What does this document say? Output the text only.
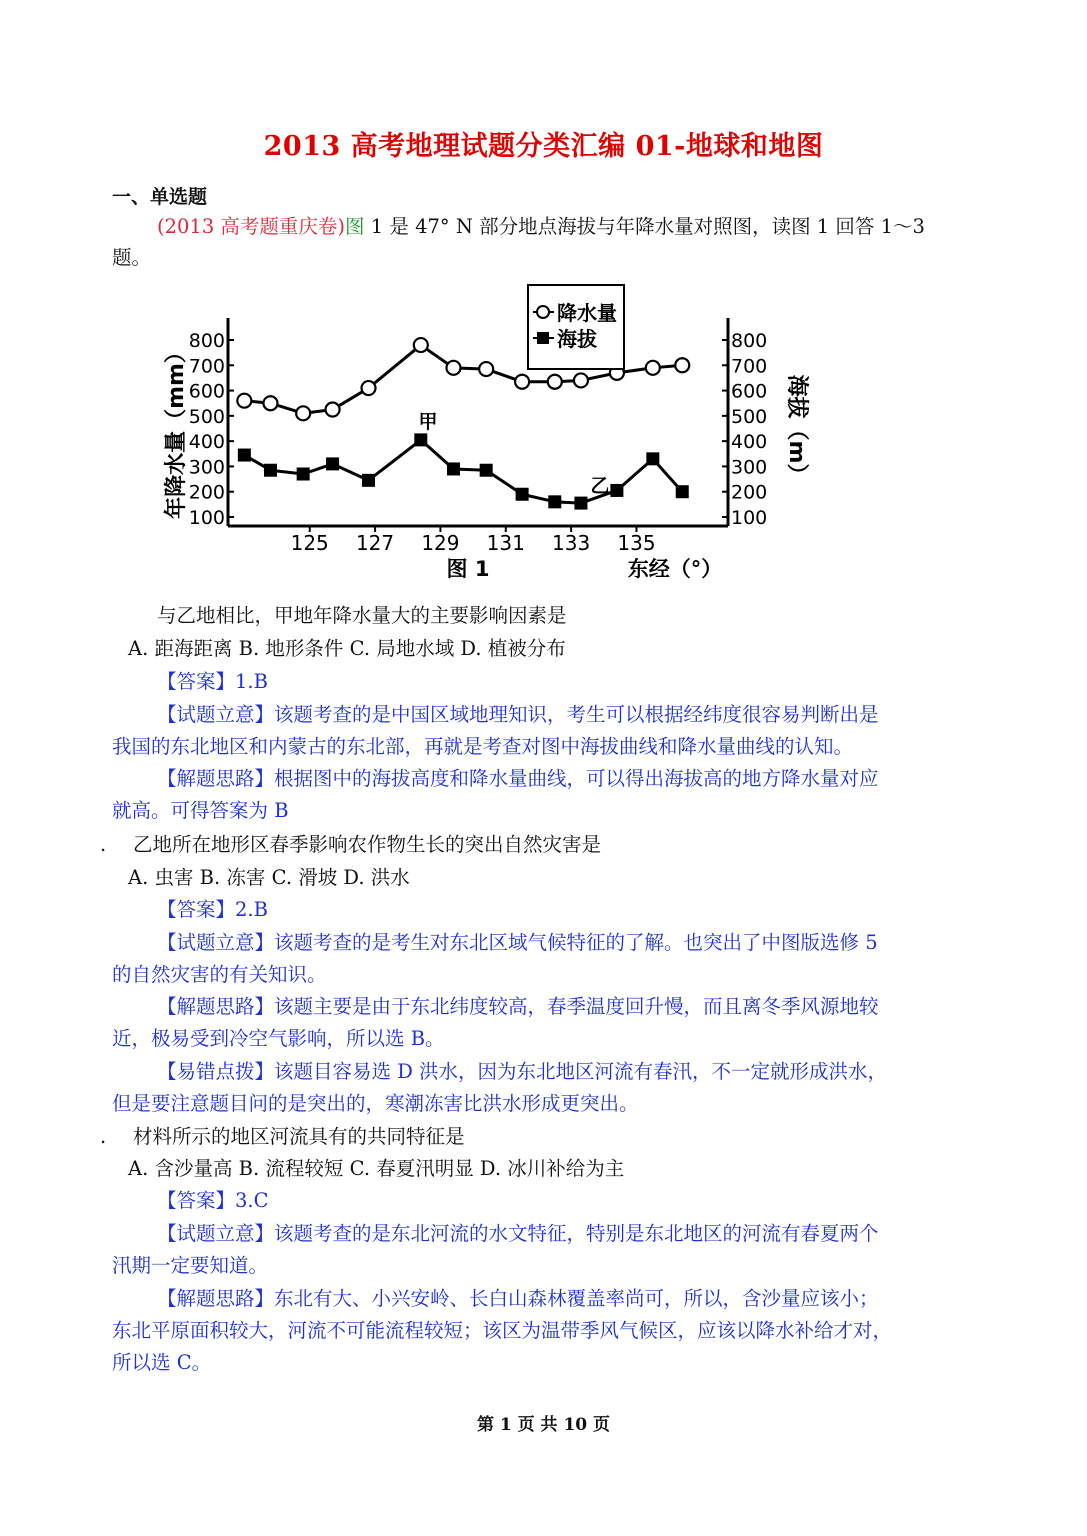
2013 高考地理试题分类汇编 01-地球和地图
一、单选题
(2013 高考题重庆卷)图 1 是 47° N 部分地点海拔与年降水量对照图，读图 1 回答 1～3
题。
800	800
700	700
600	600
500	500
400	400
300	300
200	200
100	100
125 127 129 131 133 135
年降水量（mm）	海拔（m）
降水量
海拔
甲
乙
图 1	东经（°）
与乙地相比，甲地年降水量大的主要影响因素是
A. 距海距离 B. 地形条件 C. 局地水域 D. 植被分布
【答案】1.B
【试题立意】该题考查的是中国区域地理知识，考生可以根据经纬度很容易判断出是
我国的东北地区和内蒙古的东北部，再就是考查对图中海拔曲线和降水量曲线的认知。
【解题思路】根据图中的海拔高度和降水量曲线，可以得出海拔高的地方降水量对应
就高。可得答案为 B
. 乙地所在地形区春季影响农作物生长的突出自然灾害是
A. 虫害 B. 冻害 C. 滑坡 D. 洪水
【答案】2.B
【试题立意】该题考查的是考生对东北区域气候特征的了解。也突出了中图版选修 5
的自然灾害的有关知识。
【解题思路】该题主要是由于东北纬度较高，春季温度回升慢，而且离冬季风源地较
近，极易受到冷空气影响，所以选 B。
【易错点拨】该题目容易选 D 洪水，因为东北地区河流有春汛，不一定就形成洪水，
但是要注意题目问的是突出的，寒潮冻害比洪水形成更突出。
. 材料所示的地区河流具有的共同特征是
A. 含沙量高 B. 流程较短 C. 春夏汛明显 D. 冰川补给为主
【答案】3.C
【试题立意】该题考查的是东北河流的水文特征，特别是东北地区的河流有春夏两个
汛期一定要知道。
【解题思路】东北有大、小兴安岭、长白山森林覆盖率尚可，所以，含沙量应该小；
东北平原面积较大，河流不可能流程较短；该区为温带季风气候区，应该以降水补给才对，
所以选 C。
第 1 页 共 10 页
